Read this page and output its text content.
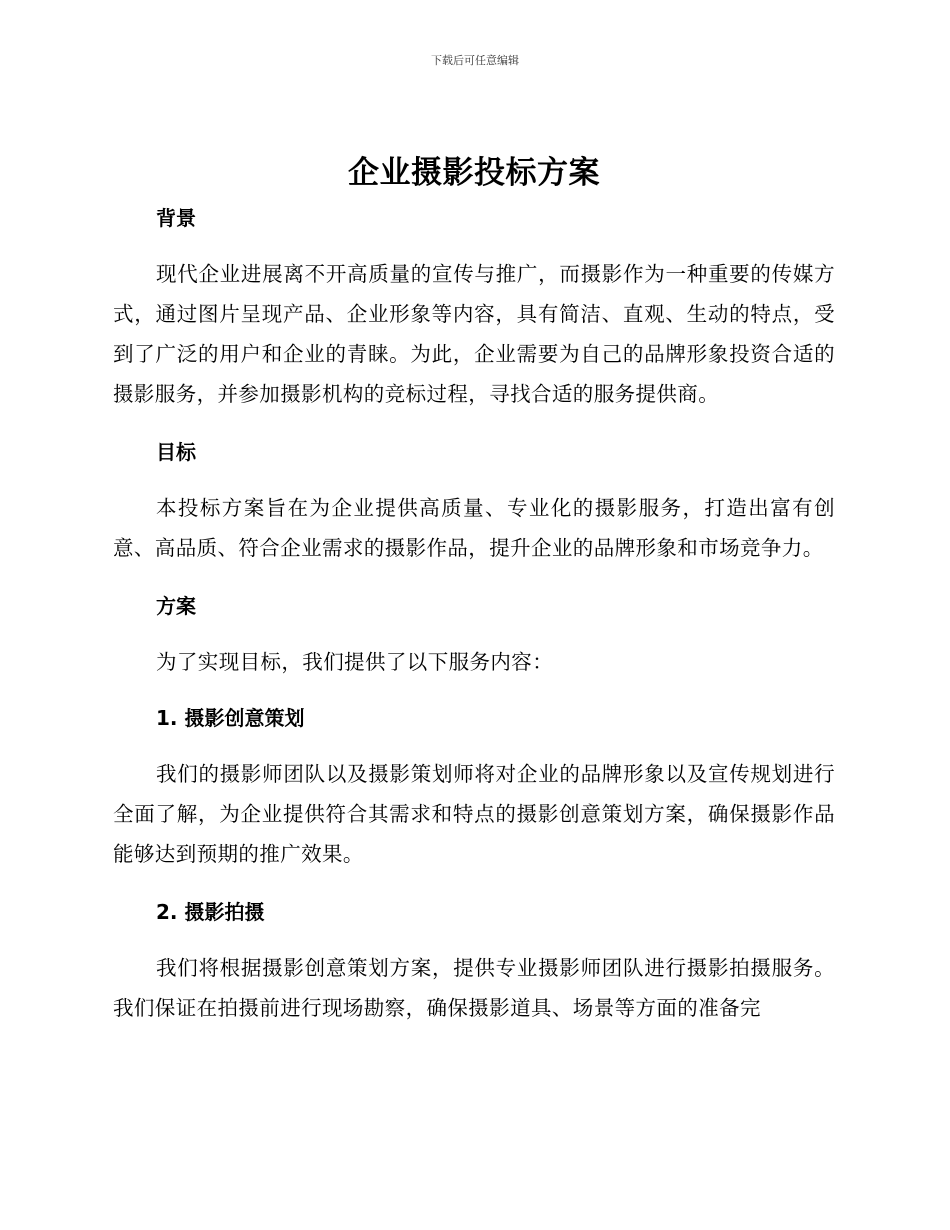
下载后可任意编辑
企业摄影投标方案
背景

现代企业进展离不开高质量的宣传与推广，而摄影作为一种重要的传媒方式，通过图片呈现产品、企业形象等内容，具有简洁、直观、生动的特点，受到了广泛的用户和企业的青睐。为此，企业需要为自己的品牌形象投资合适的摄影服务，并参加摄影机构的竞标过程，寻找合适的服务提供商。

目标

本投标方案旨在为企业提供高质量、专业化的摄影服务，打造出富有创意、高品质、符合企业需求的摄影作品，提升企业的品牌形象和市场竞争力。

方案

为了实现目标，我们提供了以下服务内容：

1. 摄影创意策划

我们的摄影师团队以及摄影策划师将对企业的品牌形象以及宣传规划进行全面了解，为企业提供符合其需求和特点的摄影创意策划方案，确保摄影作品能够达到预期的推广效果。

2. 摄影拍摄

我们将根据摄影创意策划方案，提供专业摄影师团队进行摄影拍摄服务。我们保证在拍摄前进行现场勘察，确保摄影道具、场景等方面的准备完
